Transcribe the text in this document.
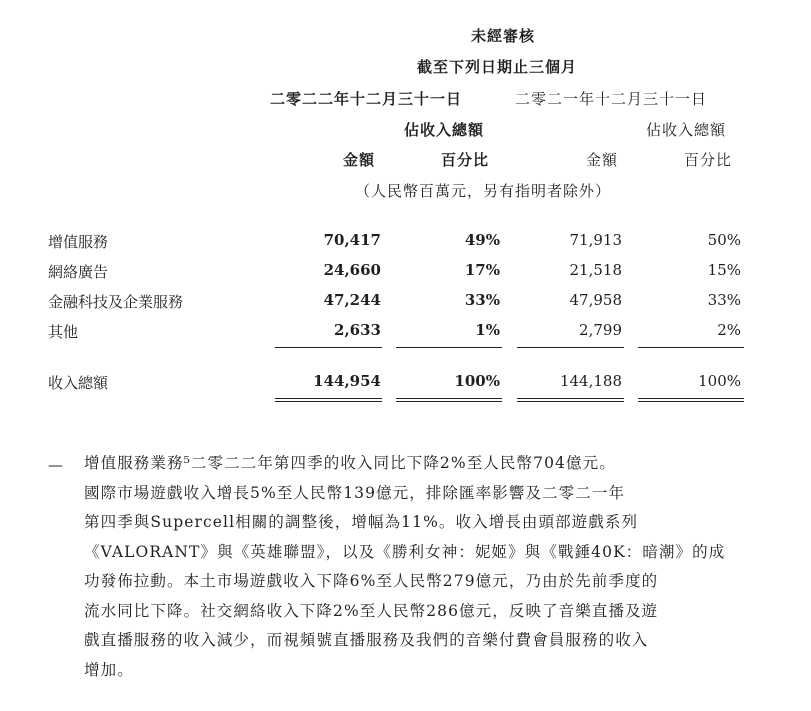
未經審核
截至下列日期止三個月
二零二二年十二月三十一日	二零二一年十二月三十一日
佔收入總額	佔收入總額
金額	百分比	金額	百分比
（人民幣百萬元，另有指明者除外）
增值服務	70,417	49%	71,913	50%
網絡廣告	24,660	17%	21,518	15%
金融科技及企業服務	47,244	33%	47,958	33%
其他	2,633	1%	2,799	2%
收入總額	144,954	100%	144,188	100%
— 增值服務業務⁵二零二二年第四季的收入同比下降2%至人民幣704億元。
國際市場遊戲收入增長5%至人民幣139億元，排除匯率影響及二零二一年
第四季與Supercell相關的調整後，增幅為11%。收入增長由頭部遊戲系列
《VALORANT》與《英雄聯盟》，以及《勝利女神：妮姬》與《戰錘40K：暗潮》的成
功發佈拉動。本土市場遊戲收入下降6%至人民幣279億元，乃由於先前季度的
流水同比下降。社交網絡收入下降2%至人民幣286億元，反映了音樂直播及遊
戲直播服務的收入減少，而視頻號直播服務及我們的音樂付費會員服務的收入
增加。
